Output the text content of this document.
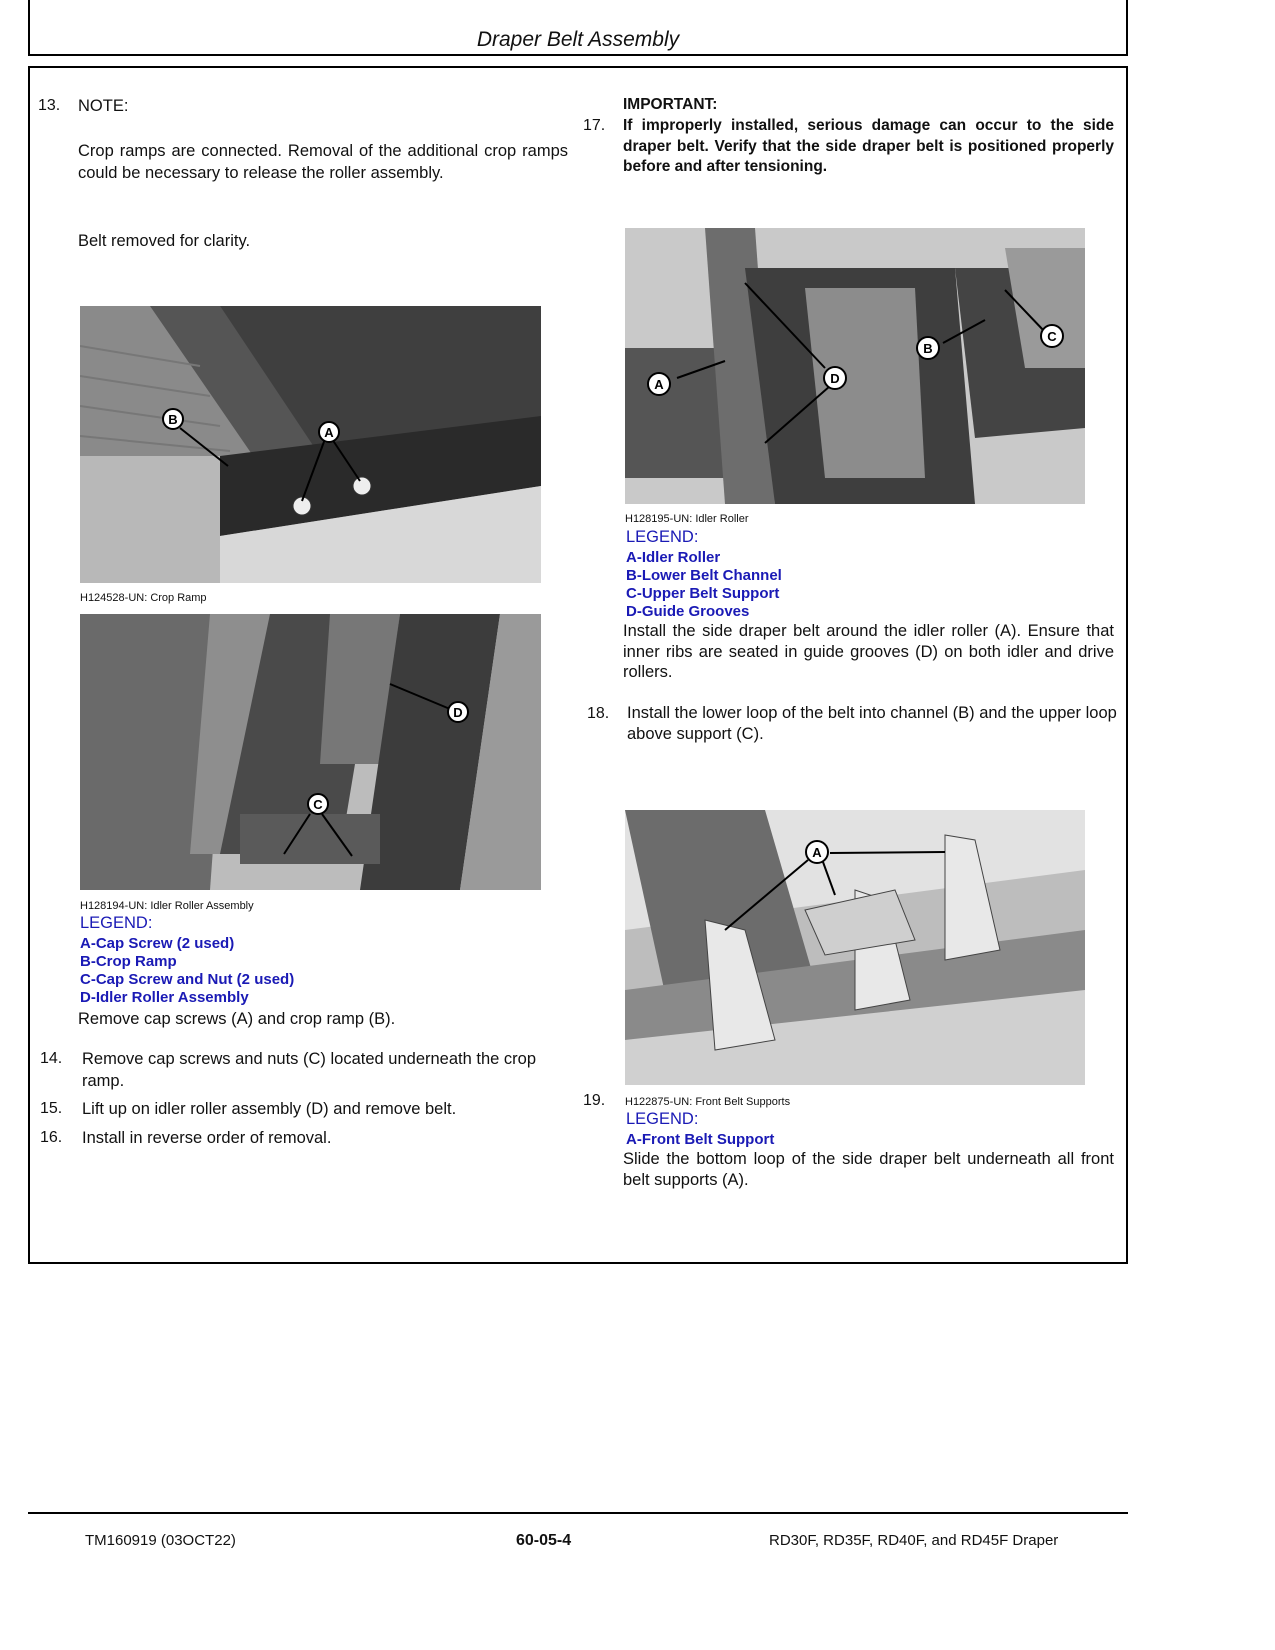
Draper Belt Assembly
13. NOTE:
Crop ramps are connected. Removal of the additional crop ramps could be necessary to release the roller assembly.
Belt removed for clarity.
A
B
H124528-UN: Crop Ramp
D
C
H128194-UN: Idler Roller Assembly
LEGEND:
A-Cap Screw (2 used)
B-Crop Ramp
C-Cap Screw and Nut (2 used)
D-Idler Roller Assembly
Remove cap screws (A) and crop ramp (B).
14. Remove cap screws and nuts (C) located underneath the crop ramp.
15. Lift up on idler roller assembly (D) and remove belt.
16. Install in reverse order of removal.
IMPORTANT:
17. If improperly installed, serious damage can occur to the side draper belt. Verify that the side draper belt is positioned properly before and after tensioning.
A
B
C
D
H128195-UN: Idler Roller
LEGEND:
A-Idler Roller
B-Lower Belt Channel
C-Upper Belt Support
D-Guide Grooves
Install the side draper belt around the idler roller (A). Ensure that inner ribs are seated in guide grooves (D) on both idler and drive rollers.
18. Install the lower loop of the belt into channel (B) and the upper loop above support (C).
A
19. H122875-UN: Front Belt Supports
LEGEND:
A-Front Belt Support
Slide the bottom loop of the side draper belt underneath all front belt supports (A).
TM160919 (03OCT22)	60-05-4	RD30F, RD35F, RD40F, and RD45F Draper
